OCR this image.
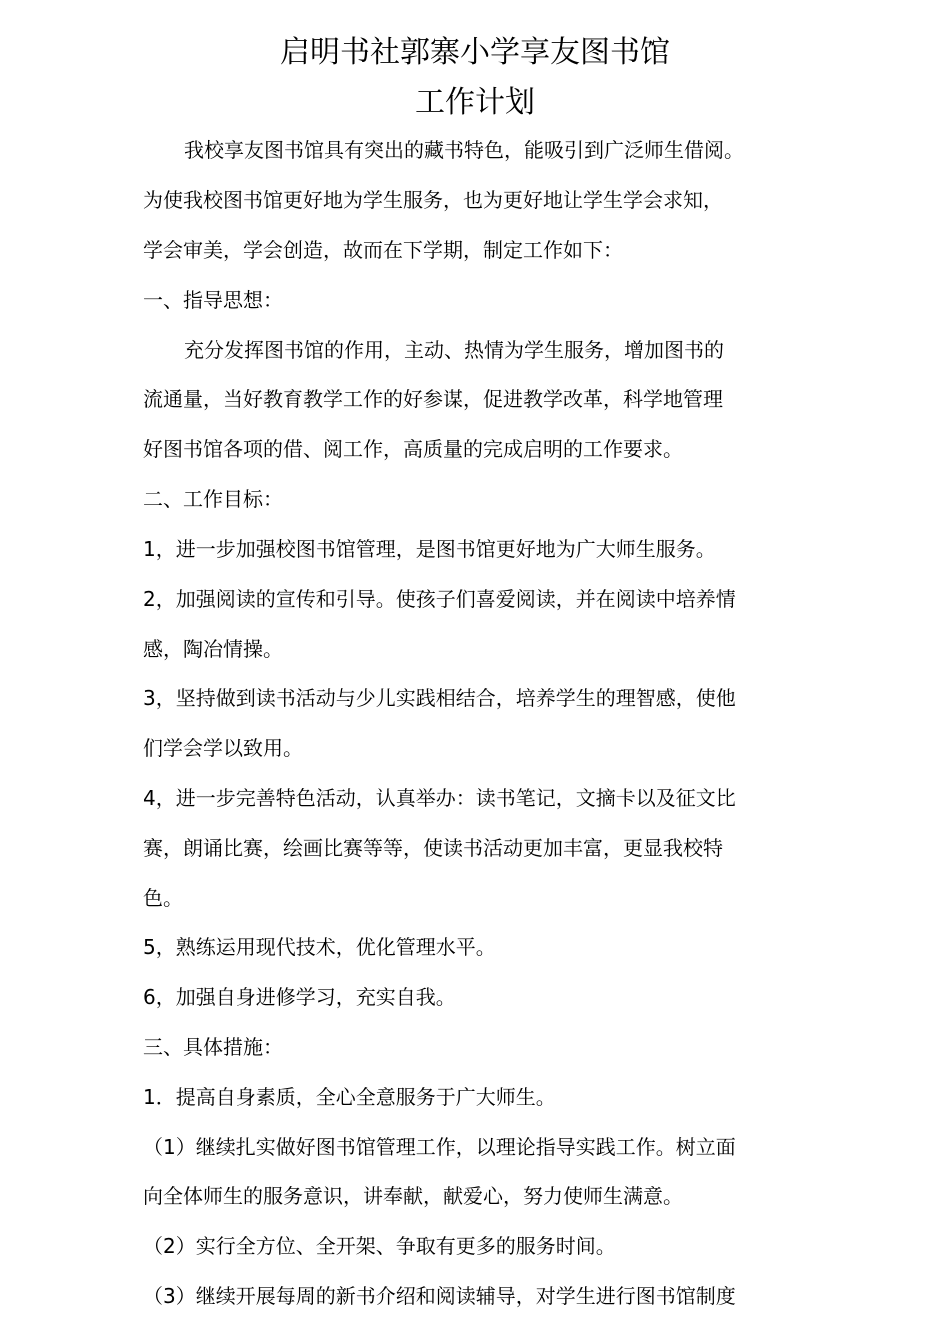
启明书社郭寨小学享友图书馆
工作计划
我校享友图书馆具有突出的藏书特色，能吸引到广泛师生借阅。
为使我校图书馆更好地为学生服务，也为更好地让学生学会求知，
学会审美，学会创造，故而在下学期，制定工作如下：
一、指导思想：
充分发挥图书馆的作用，主动、热情为学生服务，增加图书的
流通量，当好教育教学工作的好参谋，促进教学改革，科学地管理
好图书馆各项的借、阅工作，高质量的完成启明的工作要求。
二、工作目标：
1，进一步加强校图书馆管理，是图书馆更好地为广大师生服务。
2，加强阅读的宣传和引导。使孩子们喜爱阅读，并在阅读中培养情
感，陶冶情操。
3，坚持做到读书活动与少儿实践相结合，培养学生的理智感，使他
们学会学以致用。
4，进一步完善特色活动，认真举办：读书笔记，文摘卡以及征文比
赛，朗诵比赛，绘画比赛等等，使读书活动更加丰富，更显我校特
色。
5，熟练运用现代技术，优化管理水平。
6，加强自身进修学习，充实自我。
三、具体措施：
1．提高自身素质，全心全意服务于广大师生。
（1）继续扎实做好图书馆管理工作，以理论指导实践工作。树立面
向全体师生的服务意识，讲奉献，献爱心，努力使师生满意。
（2）实行全方位、全开架、争取有更多的服务时间。
（3）继续开展每周的新书介绍和阅读辅导，对学生进行图书馆制度
